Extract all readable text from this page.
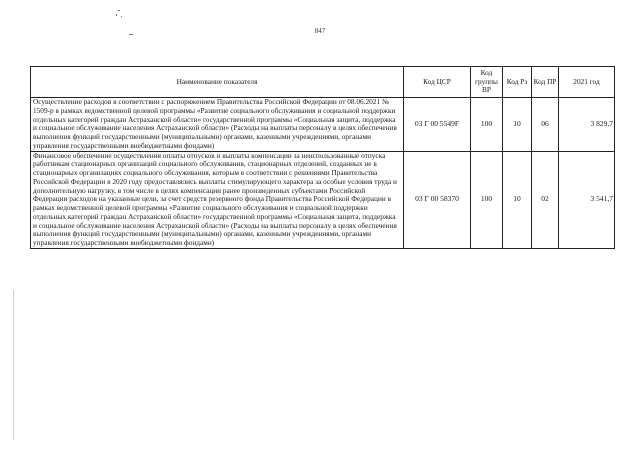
847
Наименование показателя	Код ЦСР	Код группы ВР	Код Рз	Код ПР	2021 год
Осуществление расходов в соответствии с распоряжением Правительства Российской Федерации от 08.06.2021 № 1509-р в рамках ведомственной целевой программы «Развитие социального обслуживания и социальной поддержки отдельных категорий граждан Астраханской области» государственной программы «Социальная защита, поддержка и социальное обслуживание населения Астраханской области» (Расходы на выплаты персоналу в целях обеспечения выполнения функций государственными (муниципальными) органами, казенными учреждениями, органами управления государственными внебюджетными фондами)	03 Г 00 5549F	100	10	06	3 829,7
Финансовое обеспечение осуществления оплаты отпусков и выплаты компенсации за неиспользованные отпуска работникам стационарных организаций социального обслуживания, стационарных отделений, созданных не в стационарных организациях социального обслуживания, которым в соответствии с решениями Правительства Российской Федерации в 2020 году предоставлялись выплаты стимулирующего характера за особые условия труда и дополнительную нагрузку, в том числе в целях компенсации ранее произведенных субъектами Российской Федерации расходов на указанные цели, за счет средств резервного фонда Правительства Российской Федерации в рамках ведомственной целевой программы «Развитие социального обслуживания и социальной поддержки отдельных категорий граждан Астраханской области» государственной программы «Социальная защита, поддержка и социальное обслуживание населения Астраханской области» (Расходы на выплаты персоналу в целях обеспечения выполнения функций государственными (муниципальными) органами, казенными учреждениями, органами управления государственными внебюджетными фондами)	03 Г 00 58370	100	10	02	3 541,7
